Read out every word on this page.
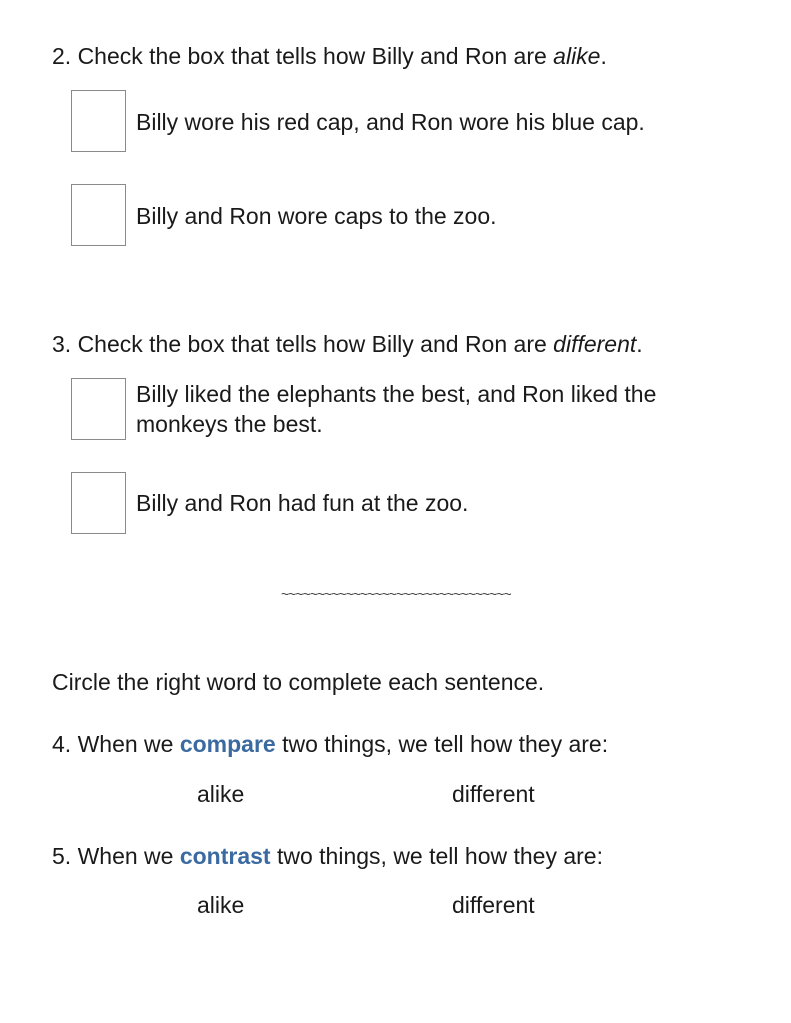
2. Check the box that tells how Billy and Ron are alike.
Billy wore his red cap, and Ron wore his blue cap.
Billy and Ron wore caps to the zoo.
3. Check the box that tells how Billy and Ron are different.
Billy liked the elephants the best, and Ron liked the monkeys the best.
Billy and Ron had fun at the zoo.
~~~~~~~~~~~~~~~~~~~~~~~~~~~~~~~~
Circle the right word to complete each sentence.
4. When we compare two things, we tell how they are:
alike	different
5. When we contrast two things, we tell how they are:
alike	different
